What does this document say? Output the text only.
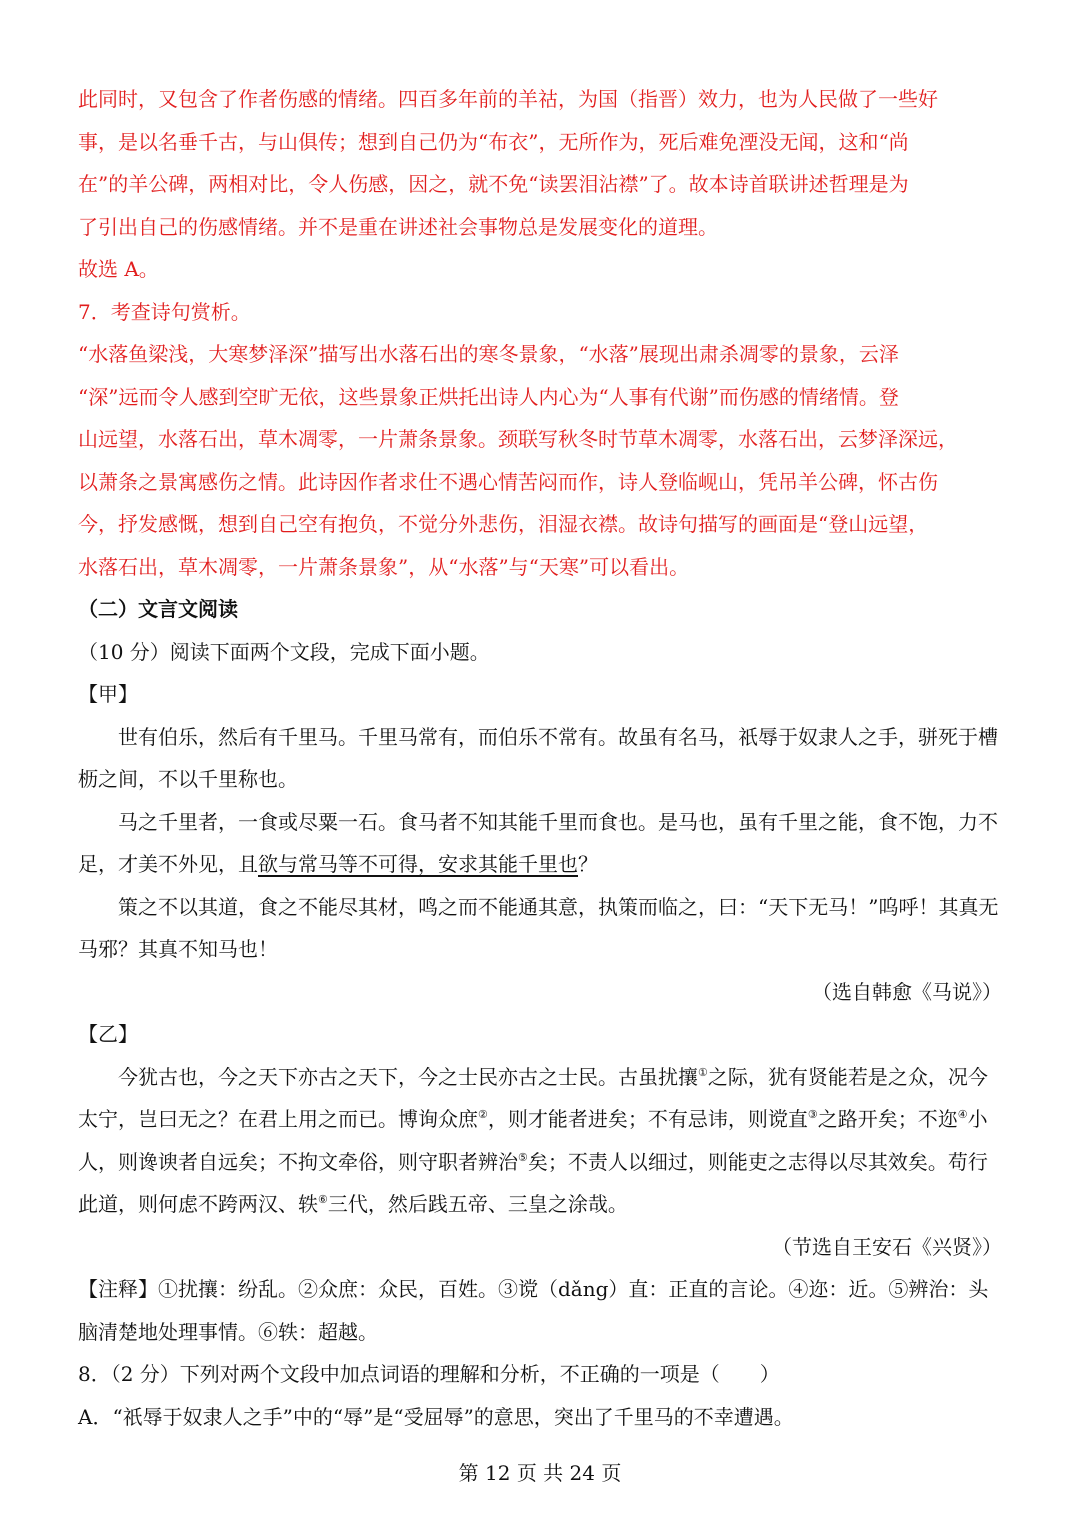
此同时，又包含了作者伤感的情绪。四百多年前的羊祜，为国（指晋）效力，也为人民做了一些好

事，是以名垂千古，与山俱传；想到自己仍为“布衣”，无所作为，死后难免湮没无闻，这和“尚

在”的羊公碑，两相对比，令人伤感，因之，就不免“读罢泪沾襟”了。故本诗首联讲述哲理是为

了引出自己的伤感情绪。并不是重在讲述社会事物总是发展变化的道理。

故选 A。

7．考查诗句赏析。

“水落鱼梁浅，大寒梦泽深”描写出水落石出的寒冬景象，“水落”展现出肃杀凋零的景象，云泽

“深”远而令人感到空旷无依，这些景象正烘托出诗人内心为“人事有代谢”而伤感的情绪情。登

山远望，水落石出，草木凋零，一片萧条景象。颈联写秋冬时节草木凋零，水落石出，云梦泽深远，

以萧条之景寓感伤之情。此诗因作者求仕不遇心情苦闷而作，诗人登临岘山，凭吊羊公碑，怀古伤

今，抒发感慨，想到自己空有抱负，不觉分外悲伤，泪湿衣襟。故诗句描写的画面是“登山远望，

水落石出，草木凋零，一片萧条景象”，从“水落”与“天寒”可以看出。

（二）文言文阅读

（10 分）阅读下面两个文段，完成下面小题。

【甲】

世有伯乐，然后有千里马。千里马常有，而伯乐不常有。故虽有名马，祇辱于奴隶人之手，骈死于槽枥之间，不以千里称也。

马之千里者，一食或尽粟一石。食马者不知其能千里而食也。是马也，虽有千里之能，食不饱，力不足，才美不外见，且欲与常马等不可得，安求其能千里也？

策之不以其道，食之不能尽其材，鸣之而不能通其意，执策而临之，曰：“天下无马！”呜呼！其真无马邪？其真不知马也！

（选自韩愈《马说》）

【乙】

今犹古也，今之天下亦古之天下，今之士民亦古之士民。古虽扰攘①之际，犹有贤能若是之众，况今太宁，岂曰无之？在君上用之而已。博询众庶②，则才能者进矣；不有忌讳，则谠直③之路开矣；不迩④小人，则谗谀者自远矣；不拘文牵俗，则守职者辨治⑤矣；不责人以细过，则能吏之志得以尽其效矣。苟行此道，则何虑不跨两汉、轶⑥三代，然后践五帝、三皇之涂哉。

（节选自王安石《兴贤》）

【注释】①扰攘：纷乱。②众庶：众民，百姓。③谠（dǎng）直：正直的言论。④迩：近。⑤辨治：头脑清楚地处理事情。⑥轶：超越。

8．（2 分）下列对两个文段中加点词语的理解和分析，不正确的一项是（　　）

A．“祇辱于奴隶人之手”中的“辱”是“受屈辱”的意思，突出了千里马的不幸遭遇。

第 12 页 共 24 页
